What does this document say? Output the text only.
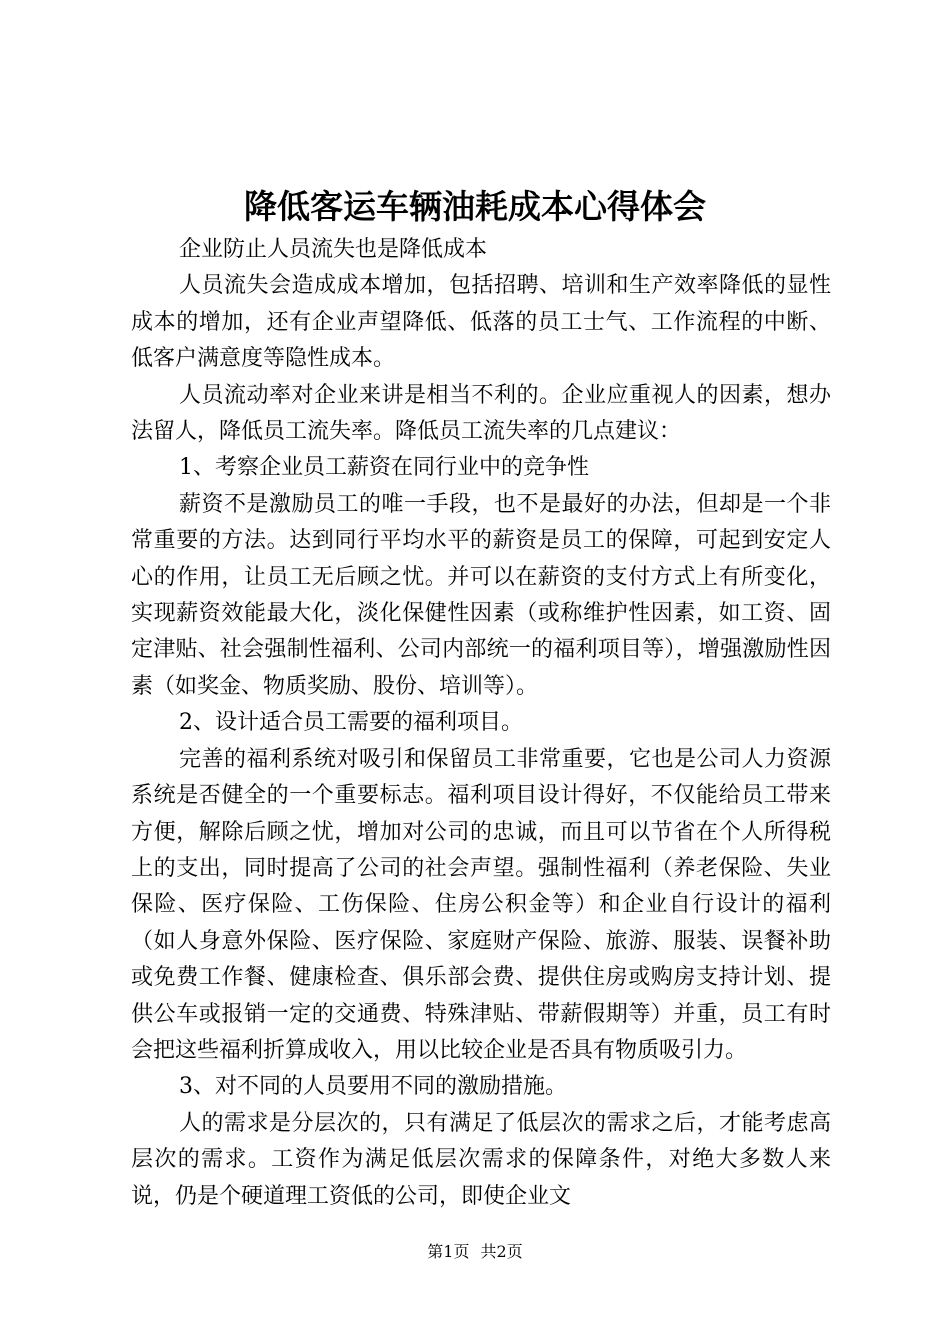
降低客运车辆油耗成本心得体会

企业防止人员流失也是降低成本

人员流失会造成成本增加，包括招聘、培训和生产效率降低的显性成本的增加，还有企业声望降低、低落的员工士气、工作流程的中断、低客户满意度等隐性成本。

人员流动率对企业来讲是相当不利的。企业应重视人的因素，想办法留人，降低员工流失率。降低员工流失率的几点建议：

1、考察企业员工薪资在同行业中的竞争性

薪资不是激励员工的唯一手段，也不是最好的办法，但却是一个非常重要的方法。达到同行平均水平的薪资是员工的保障，可起到安定人心的作用，让员工无后顾之忧。并可以在薪资的支付方式上有所变化，实现薪资效能最大化，淡化保健性因素（或称维护性因素，如工资、固定津贴、社会强制性福利、公司内部统一的福利项目等），增强激励性因素（如奖金、物质奖励、股份、培训等）。

2、设计适合员工需要的福利项目。

完善的福利系统对吸引和保留员工非常重要，它也是公司人力资源系统是否健全的一个重要标志。福利项目设计得好，不仅能给员工带来方便，解除后顾之忧，增加对公司的忠诚，而且可以节省在个人所得税上的支出，同时提高了公司的社会声望。强制性福利（养老保险、失业保险、医疗保险、工伤保险、住房公积金等）和企业自行设计的福利（如人身意外保险、医疗保险、家庭财产保险、旅游、服装、误餐补助或免费工作餐、健康检查、俱乐部会费、提供住房或购房支持计划、提供公车或报销一定的交通费、特殊津贴、带薪假期等）并重，员工有时会把这些福利折算成收入，用以比较企业是否具有物质吸引力。

3、对不同的人员要用不同的激励措施。

人的需求是分层次的，只有满足了低层次的需求之后，才能考虑高层次的需求。工资作为满足低层次需求的保障条件，对绝大多数人来说，仍是个硬道理工资低的公司，即使企业文

第1页 共2页
